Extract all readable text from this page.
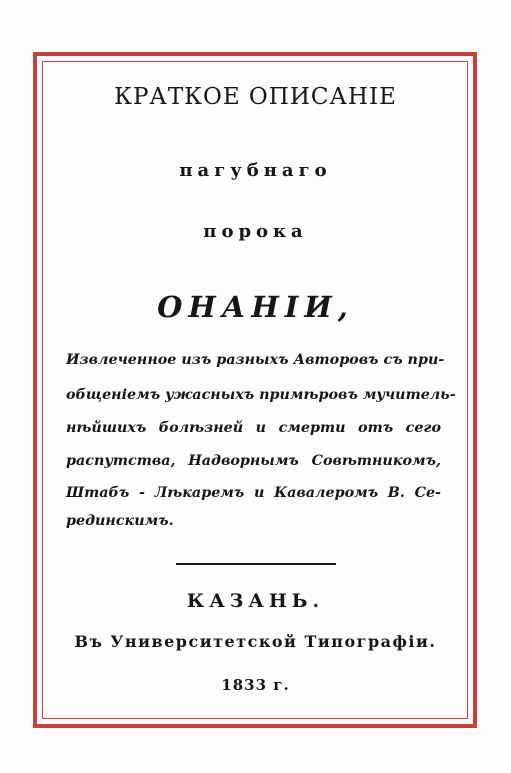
КРАТКОЕ ОПИСАНIЕ
пагубнаго
порока
ОНАНIИ,
Извлеченное изъ разныхъ Авторовъ съ при-
общенiемъ ужасныхъ примѣровъ мучитель-
нѣйшихъ болѣзней и смерти отъ сего
распутства, Надворнымъ Совѣтникомъ,
Штабъ - Лѣкаремъ и Кавалеромъ В. Се-
рединскимъ.
КАЗАНЬ.
Въ Университетской Типографiи.
1833 г.
